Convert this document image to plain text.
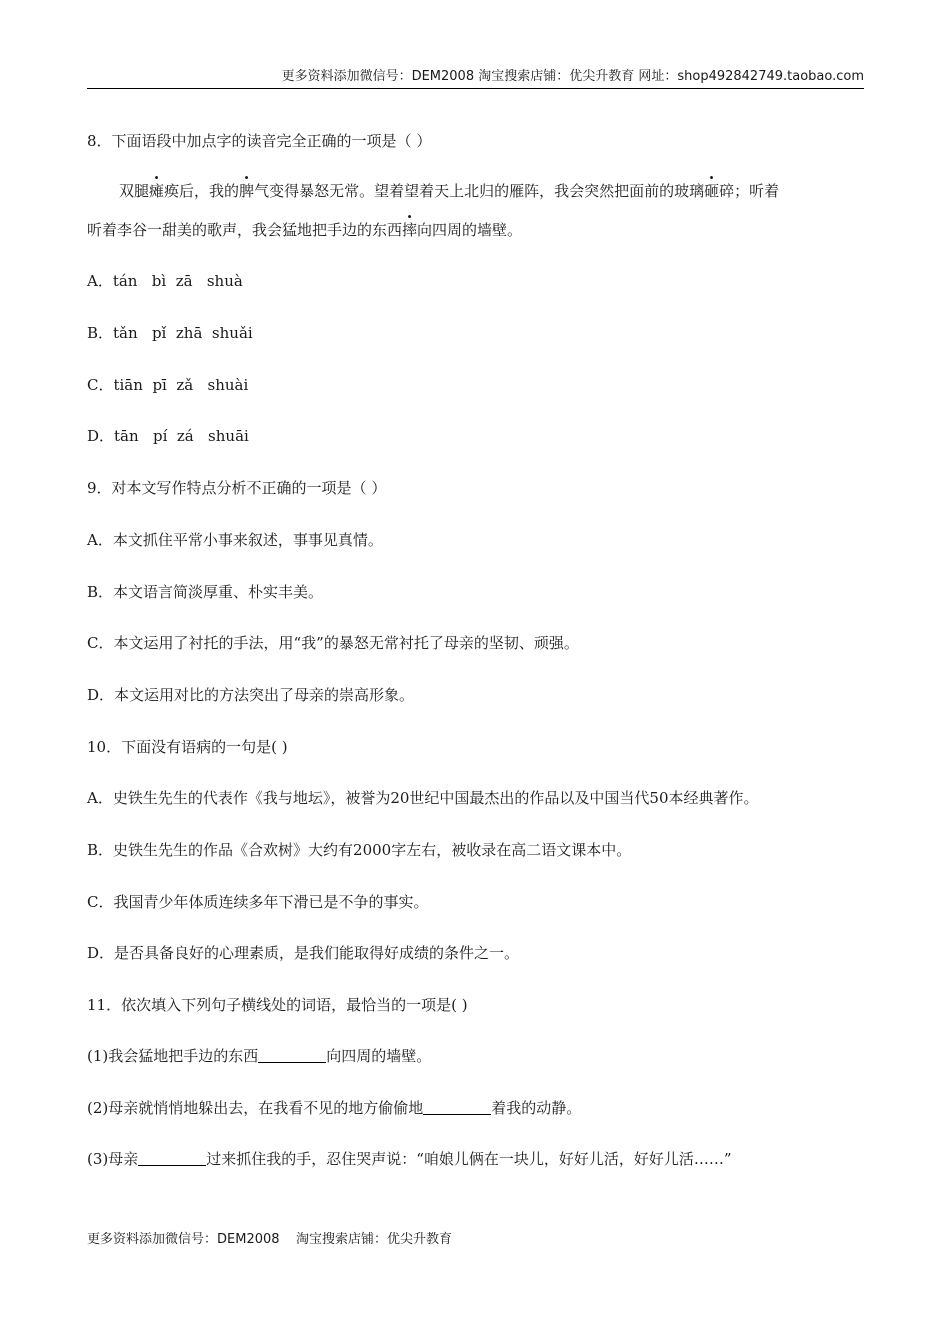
更多资料添加微信号：DEM2008 淘宝搜索店铺：优尖升教育 网址：shop492842749.taobao.com
8．下面语段中加点字的读音完全正确的一项是（ ）
双腿瘫痪后，我的脾气变得暴怒无常。望着望着天上北归的雁阵，我会突然把面前的玻璃砸碎；听着
听着李谷一甜美的歌声，我会猛地把手边的东西摔向四周的墙壁。
A．tán   bì  zā   shuà
B．tǎn   pǐ  zhā  shuǎi
C．tiān  pī  zǎ   shuài
D．tān   pí  zá   shuāi
9．对本文写作特点分析不正确的一项是（ ）
A．本文抓住平常小事来叙述，事事见真情。
B．本文语言简淡厚重、朴实丰美。
C．本文运用了衬托的手法，用“我”的暴怒无常衬托了母亲的坚韧、顽强。
D．本文运用对比的方法突出了母亲的崇高形象。
10．下面没有语病的一句是( )
A．史铁生先生的代表作《我与地坛》，被誉为20世纪中国最杰出的作品以及中国当代50本经典著作。
B．史铁生先生的作品《合欢树》大约有2000字左右，被收录在高二语文课本中。
C．我国青少年体质连续多年下滑已是不争的事实。
D．是否具备良好的心理素质，是我们能取得好成绩的条件之一。
11．依次填入下列句子横线处的词语，最恰当的一项是( )
(1)我会猛地把手边的东西	向四周的墙壁。
(2)母亲就悄悄地躲出去，在我看不见的地方偷偷地	着我的动静。
(3)母亲	过来抓住我的手，忍住哭声说：“咱娘儿俩在一块儿，好好儿活，好好儿活……”
更多资料添加微信号：DEM2008    淘宝搜索店铺：优尖升教育
